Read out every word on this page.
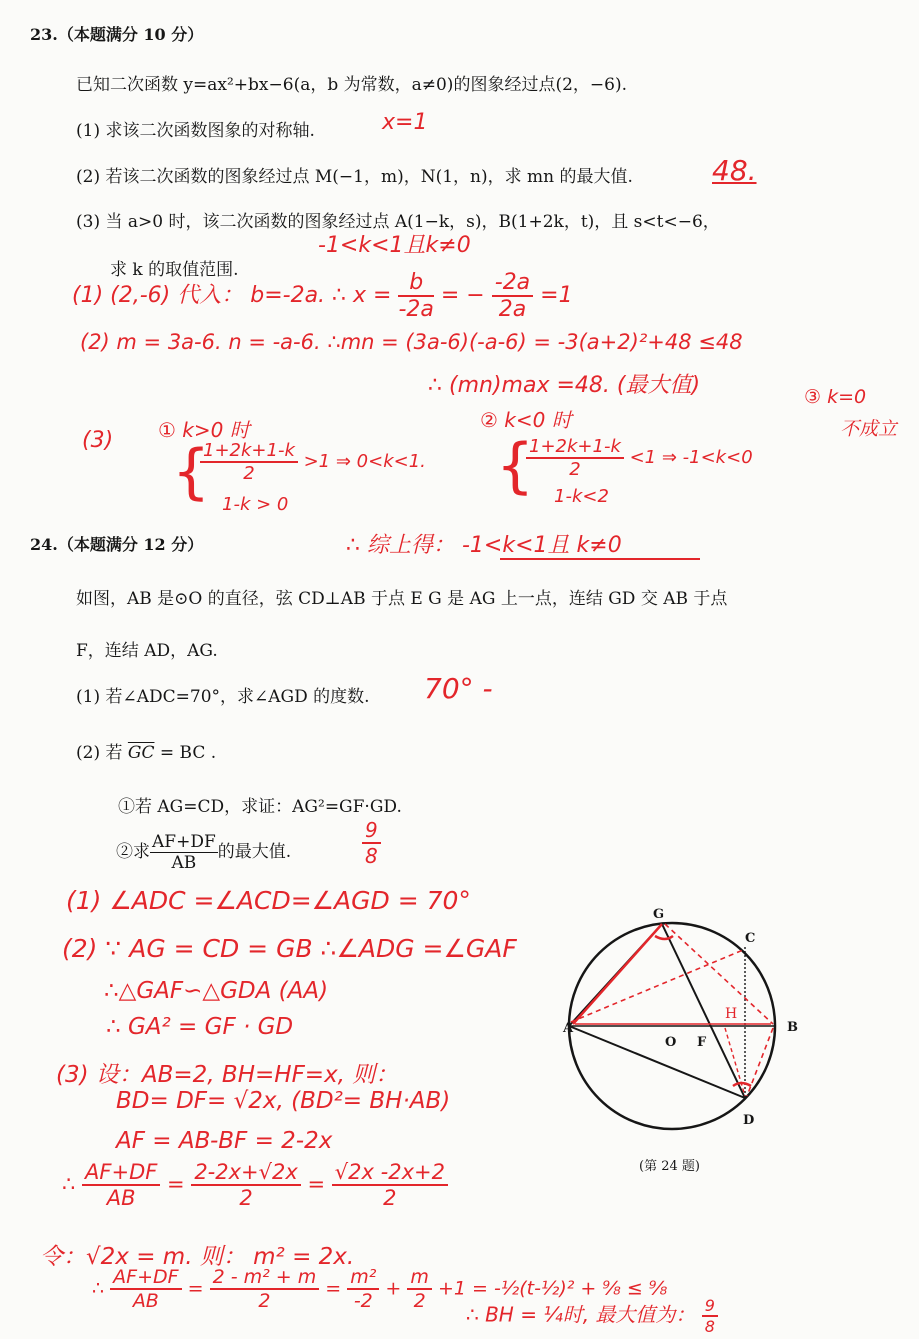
23.（本题满分 10 分）
已知二次函数 y=ax²+bx−6(a，b 为常数，a≠0)的图象经过点(2，−6).
(1) 求该二次函数图象的对称轴.
(2) 若该二次函数的图象经过点 M(−1，m)，N(1，n)，求 mn 的最大值.
(3) 当 a>0 时，该二次函数的图象经过点 A(1−k，s)，B(1+2k，t)，且 s<t<−6，
求 k 的取值范围.
x=1
48.
-1<k<1且k≠0
(1) (2,-6) 代入： b=-2a. ∴ $x = \frac{b}{-2a}$ = − $\frac{-2a}{2a} =1$
(2) m = 3a-6. n = -a-6. ∴mn = (3a-6)(-a-6) = -3(a+2)²+48 ≤48
∴ (mn)max =48. (最大值)
(3) ① k>0 时
{
$\frac{1+2k+1-k}{2} >1$ ⇒ 0<k<1.
1-k > 0
② k<0 时
{
$\frac{1+2k+1-k}{2} <1$ ⇒ -1<k<0
1-k<2
③ k=0
不成立
∴ 综上得： -1<k<1且 k≠0
24.（本题满分 12 分）
如图，AB 是⊙O 的直径，弦 CD⊥AB 于点 E G 是 AG 上一点，连结 GD 交 AB 于点
F，连结 AD，AG.
(1) 若∠ADC=70°，求∠AGD 的度数.
(2) 若 $\overline{GC}$ = BC .
①若 AG=CD，求证：AG²=GF·GD.
②求 $\frac{AF+DF}{AB}$ 的最大值.
70° -
$\frac{9}{8}$
(1) ∠ADC =∠ACD=∠AGD = 70°
(2) ∵ AG = CD = GB ∴∠ADG =∠GAF
∴△GAF∽△GDA (AA)
∴ GA² = GF · GD
(3) 设：AB=2, BH=HF=x, 则：
BD= DF= √2x, (BD²= BH·AB)
AF = AB-BF = 2-2x
∴ $\frac{AF+DF}{AB} = \frac{2-2x+√2x}{2} = \frac{√2x -2x+2}{2}$
令：√2x = m. 则： m² = 2x.
∴ $\frac{AF+DF}{AB} = \frac{\text{2 - m² + m}}{2} = \frac{\text{m²}}{-2} + \frac{m}{2} +1$ = -½(t-½)² + ⁹⁄₈ ≤ ⁹⁄₈
∴ BH = ¼时, 最大值为： $\frac{9}{8}$
G
C
A
O F
B
D
H
(第 24 题)
